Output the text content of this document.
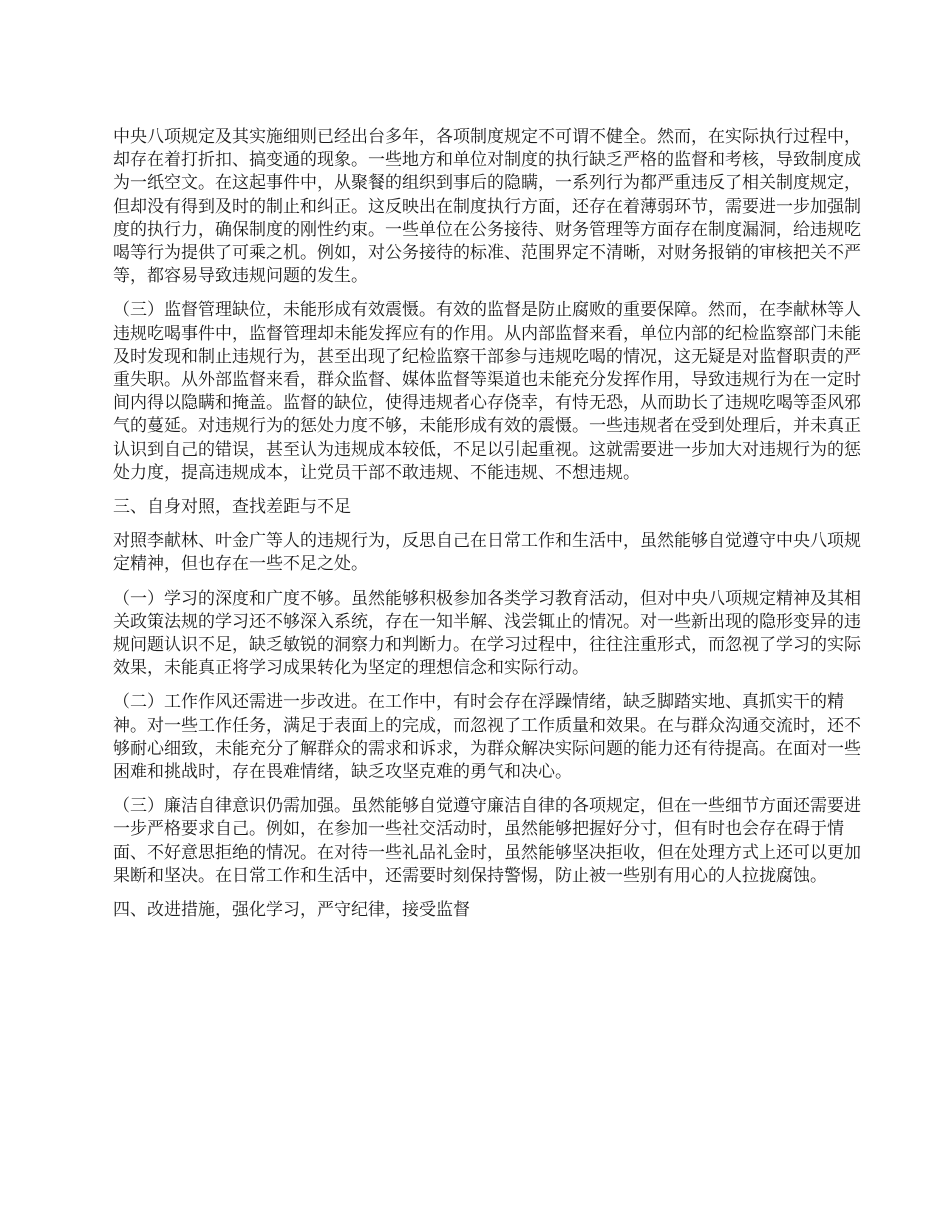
中央八项规定及其实施细则已经出台多年，各项制度规定不可谓不健全。然而，在实际执行过程中，却存在着打折扣、搞变通的现象。一些地方和单位对制度的执行缺乏严格的监督和考核，导致制度成为一纸空文。在这起事件中，从聚餐的组织到事后的隐瞒，一系列行为都严重违反了相关制度规定，但却没有得到及时的制止和纠正。这反映出在制度执行方面，还存在着薄弱环节，需要进一步加强制度的执行力，确保制度的刚性约束。一些单位在公务接待、财务管理等方面存在制度漏洞，给违规吃喝等行为提供了可乘之机。例如，对公务接待的标准、范围界定不清晰，对财务报销的审核把关不严等，都容易导致违规问题的发生。

（三）监督管理缺位，未能形成有效震慑。有效的监督是防止腐败的重要保障。然而，在李献林等人违规吃喝事件中，监督管理却未能发挥应有的作用。从内部监督来看，单位内部的纪检监察部门未能及时发现和制止违规行为，甚至出现了纪检监察干部参与违规吃喝的情况，这无疑是对监督职责的严重失职。从外部监督来看，群众监督、媒体监督等渠道也未能充分发挥作用，导致违规行为在一定时间内得以隐瞒和掩盖。监督的缺位，使得违规者心存侥幸，有恃无恐，从而助长了违规吃喝等歪风邪气的蔓延。对违规行为的惩处力度不够，未能形成有效的震慑。一些违规者在受到处理后，并未真正认识到自己的错误，甚至认为违规成本较低，不足以引起重视。这就需要进一步加大对违规行为的惩处力度，提高违规成本，让党员干部不敢违规、不能违规、不想违规。

三、自身对照，查找差距与不足

对照李献林、叶金广等人的违规行为，反思自己在日常工作和生活中，虽然能够自觉遵守中央八项规定精神，但也存在一些不足之处。

（一）学习的深度和广度不够。虽然能够积极参加各类学习教育活动，但对中央八项规定精神及其相关政策法规的学习还不够深入系统，存在一知半解、浅尝辄止的情况。对一些新出现的隐形变异的违规问题认识不足，缺乏敏锐的洞察力和判断力。在学习过程中，往往注重形式，而忽视了学习的实际效果，未能真正将学习成果转化为坚定的理想信念和实际行动。

（二）工作作风还需进一步改进。在工作中，有时会存在浮躁情绪，缺乏脚踏实地、真抓实干的精神。对一些工作任务，满足于表面上的完成，而忽视了工作质量和效果。在与群众沟通交流时，还不够耐心细致，未能充分了解群众的需求和诉求，为群众解决实际问题的能力还有待提高。在面对一些困难和挑战时，存在畏难情绪，缺乏攻坚克难的勇气和决心。

（三）廉洁自律意识仍需加强。虽然能够自觉遵守廉洁自律的各项规定，但在一些细节方面还需要进一步严格要求自己。例如，在参加一些社交活动时，虽然能够把握好分寸，但有时也会存在碍于情面、不好意思拒绝的情况。在对待一些礼品礼金时，虽然能够坚决拒收，但在处理方式上还可以更加果断和坚决。在日常工作和生活中，还需要时刻保持警惕，防止被一些别有用心的人拉拢腐蚀。

四、改进措施，强化学习，严守纪律，接受监督
